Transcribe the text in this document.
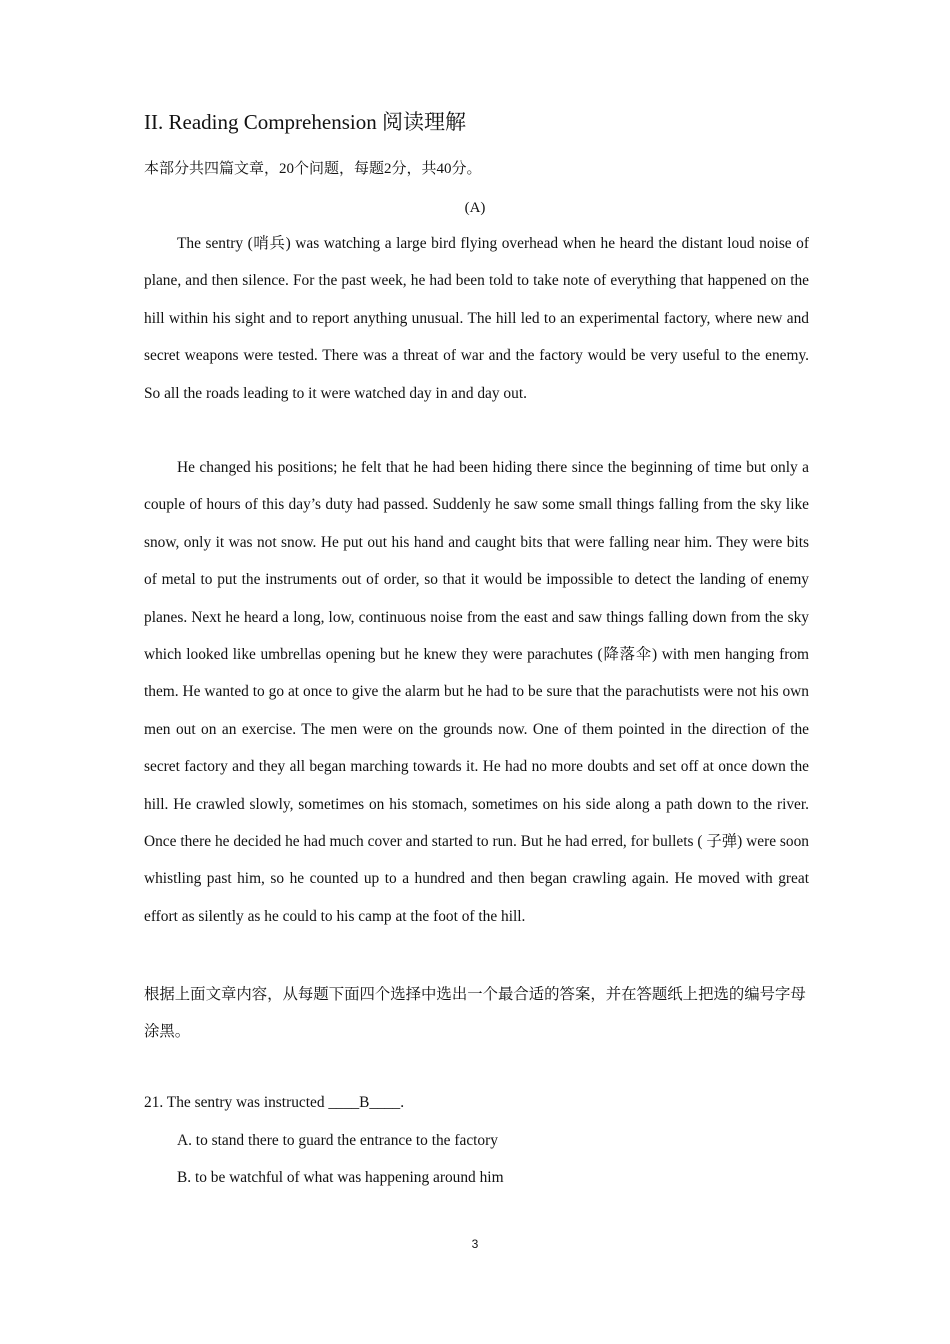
II. Reading Comprehension 阅读理解
本部分共四篇文章，20个问题，每题2分，共40分。
(A)

The sentry (哨兵) was watching a large bird flying overhead when he heard the distant loud noise of plane, and then silence. For the past week, he had been told to take note of everything that happened on the hill within his sight and to report anything unusual. The hill led to an experimental factory, where new and secret weapons were tested. There was a threat of war and the factory would be very useful to the enemy. So all the roads leading to it were watched day in and day out.

He changed his positions; he felt that he had been hiding there since the beginning of time but only a couple of hours of this day’s duty had passed. Suddenly he saw some small things falling from the sky like snow, only it was not snow. He put out his hand and caught bits that were falling near him. They were bits of metal to put the instruments out of order, so that it would be impossible to detect the landing of enemy planes. Next he heard a long, low, continuous noise from the east and saw things falling down from the sky which looked like umbrellas opening but he knew they were parachutes (降落伞) with men hanging from them. He wanted to go at once to give the alarm but he had to be sure that the parachutists were not his own men out on an exercise. The men were on the grounds now. One of them pointed in the direction of the secret factory and they all began marching towards it. He had no more doubts and set off at once down the hill. He crawled slowly, sometimes on his stomach, sometimes on his side along a path down to the river. Once there he decided he had much cover and started to run. But he had erred, for bullets ( 子弹) were soon whistling past him, so he counted up to a hundred and then began crawling again. He moved with great effort as silently as he could to his camp at the foot of the hill.

根据上面文章内容，从每题下面四个选择中选出一个最合适的答案，并在答题纸上把选的编号字母涂黑。

21. The sentry was instructed ____B____.
A. to stand there to guard the entrance to the factory
B. to be watchful of what was happening around him
3
